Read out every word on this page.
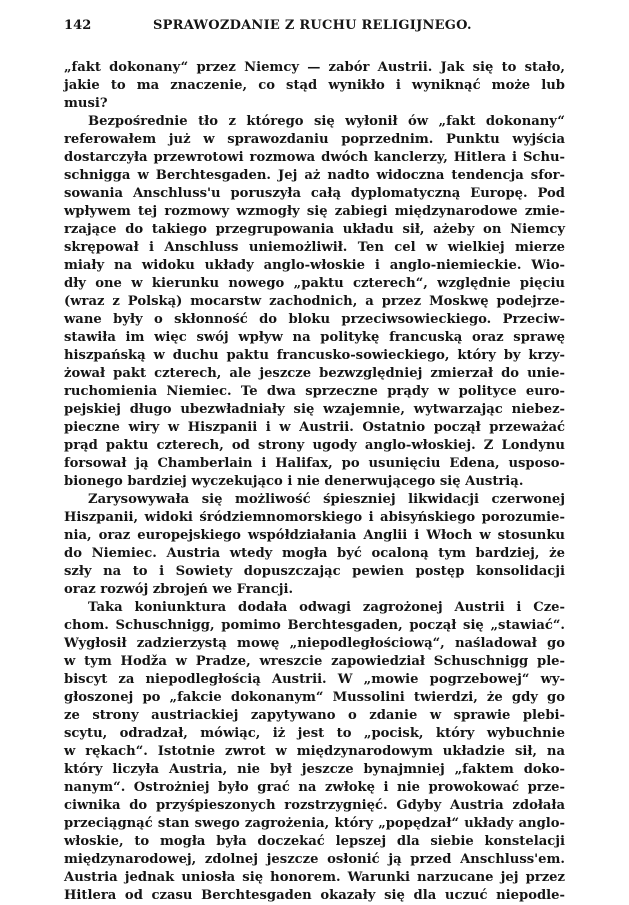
142	SPRAWOZDANIE Z RUCHU RELIGIJNEGO.
„fakt dokonany“ przez Niemcy — zabór Austrii. Jak się to stało,
jakie to ma znaczenie, co stąd wynikło i wyniknąć może lub
musi?
Bezpośrednie tło z którego się wyłonił ów „fakt dokonany“
referowałem już w sprawozdaniu poprzednim. Punktu wyjścia
dostarczyła przewrotowi rozmowa dwóch kanclerzy, Hitlera i Schu-
schnigga w Berchtesgaden. Jej aż nadto widoczna tendencja sfor-
sowania Anschluss'u poruszyła całą dyplomatyczną Europę. Pod
wpływem tej rozmowy wzmogły się zabiegi międzynarodowe zmie-
rzające do takiego przegrupowania układu sił, ażeby on Niemcy
skrępował i Anschluss uniemożliwił. Ten cel w wielkiej mierze
miały na widoku układy anglo-włoskie i anglo-niemieckie. Wio-
dły one w kierunku nowego „paktu czterech“, względnie pięciu
(wraz z Polską) mocarstw zachodnich, a przez Moskwę podejrze-
wane były o skłonność do bloku przeciwsowieckiego. Przeciw-
stawiła im więc swój wpływ na politykę francuską oraz sprawę
hiszpańską w duchu paktu francusko-sowieckiego, który by krzy-
żował pakt czterech, ale jeszcze bezwzględniej zmierzał do unie-
ruchomienia Niemiec. Te dwa sprzeczne prądy w polityce euro-
pejskiej długo ubezwładniały się wzajemnie, wytwarzając niebez-
pieczne wiry w Hiszpanii i w Austrii. Ostatnio począł przeważać
prąd paktu czterech, od strony ugody anglo-włoskiej. Z Londynu
forsował ją Chamberlain i Halifax, po usunięciu Edena, usposo-
bionego bardziej wyczekująco i nie denerwującego się Austrią.
Zarysowywała się możliwość śpieszniej likwidacji czerwonej
Hiszpanii, widoki śródziemnomorskiego i abisyńskiego porozumie-
nia, oraz europejskiego współdziałania Anglii i Włoch w stosunku
do Niemiec. Austria wtedy mogła być ocaloną tym bardziej, że
szły na to i Sowiety dopuszczając pewien postęp konsolidacji
oraz rozwój zbrojeń we Francji.
Taka koniunktura dodała odwagi zagrożonej Austrii i Cze-
chom. Schuschnigg, pomimo Berchtesgaden, począł się „stawiać“.
Wygłosił zadzierzystą mowę „niepodległościową“, naśladował go
w tym Hodža w Pradze, wreszcie zapowiedział Schuschnigg ple-
biscyt za niepodległością Austrii. W „mowie pogrzebowej“ wy-
głoszonej po „fakcie dokonanym“ Mussolini twierdzi, że gdy go
ze strony austriackiej zapytywano o zdanie w sprawie plebi-
scytu, odradzał, mówiąc, iż jest to „pocisk, który wybuchnie
w rękach“. Istotnie zwrot w międzynarodowym układzie sił, na
który liczyła Austria, nie był jeszcze bynajmniej „faktem doko-
nanym“. Ostrożniej było grać na zwłokę i nie prowokować prze-
ciwnika do przyśpieszonych rozstrzygnięć. Gdyby Austria zdołała
przeciągnąć stan swego zagrożenia, który „popędzał“ układy anglo-
włoskie, to mogła była doczekać lepszej dla siebie konstelacji
międzynarodowej, zdolnej jeszcze osłonić ją przed Anschluss'em.
Austria jednak uniosła się honorem. Warunki narzucane jej przez
Hitlera od czasu Berchtesgaden okazały się dla uczuć niepodle-
